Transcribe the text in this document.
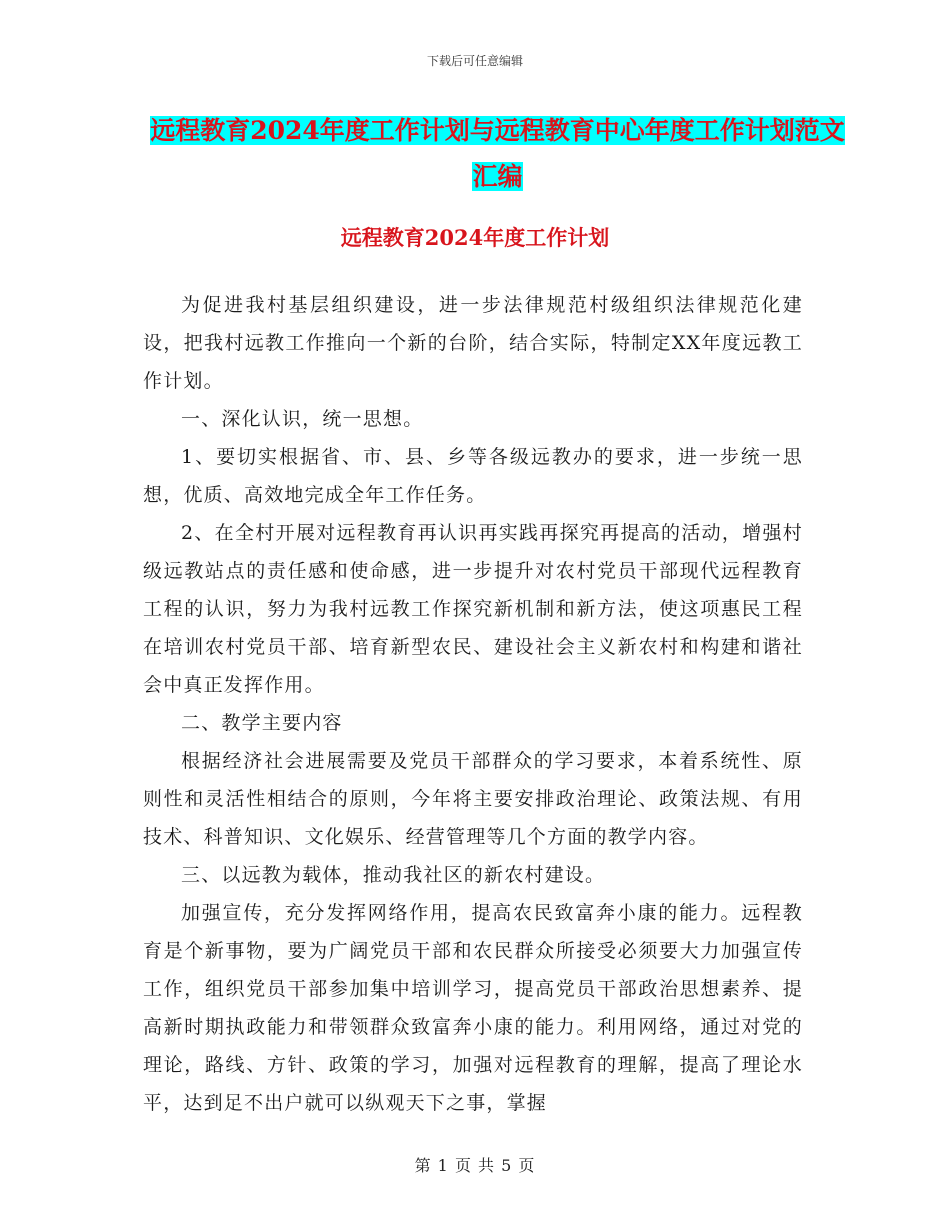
下载后可任意编辑
远程教育2024年度工作计划与远程教育中心年度工作计划范文汇编
远程教育2024年度工作计划

为促进我村基层组织建设，进一步法律规范村级组织法律规范化建设，把我村远教工作推向一个新的台阶，结合实际，特制定XX年度远教工作计划。

一、深化认识，统一思想。

1、要切实根据省、市、县、乡等各级远教办的要求，进一步统一思想，优质、高效地完成全年工作任务。

2、在全村开展对远程教育再认识再实践再探究再提高的活动，增强村级远教站点的责任感和使命感，进一步提升对农村党员干部现代远程教育工程的认识，努力为我村远教工作探究新机制和新方法，使这项惠民工程在培训农村党员干部、培育新型农民、建设社会主义新农村和构建和谐社会中真正发挥作用。

二、教学主要内容

根据经济社会进展需要及党员干部群众的学习要求，本着系统性、原则性和灵活性相结合的原则，今年将主要安排政治理论、政策法规、有用技术、科普知识、文化娱乐、经营管理等几个方面的教学内容。

三、以远教为载体，推动我社区的新农村建设。

加强宣传，充分发挥网络作用，提高农民致富奔小康的能力。远程教育是个新事物，要为广阔党员干部和农民群众所接受必须要大力加强宣传工作，组织党员干部参加集中培训学习，提高党员干部政治思想素养、提高新时期执政能力和带领群众致富奔小康的能力。利用网络，通过对党的理论，路线、方针、政策的学习，加强对远程教育的理解，提高了理论水平，达到足不出户就可以纵观天下之事，掌握

第 1 页 共 5 页
